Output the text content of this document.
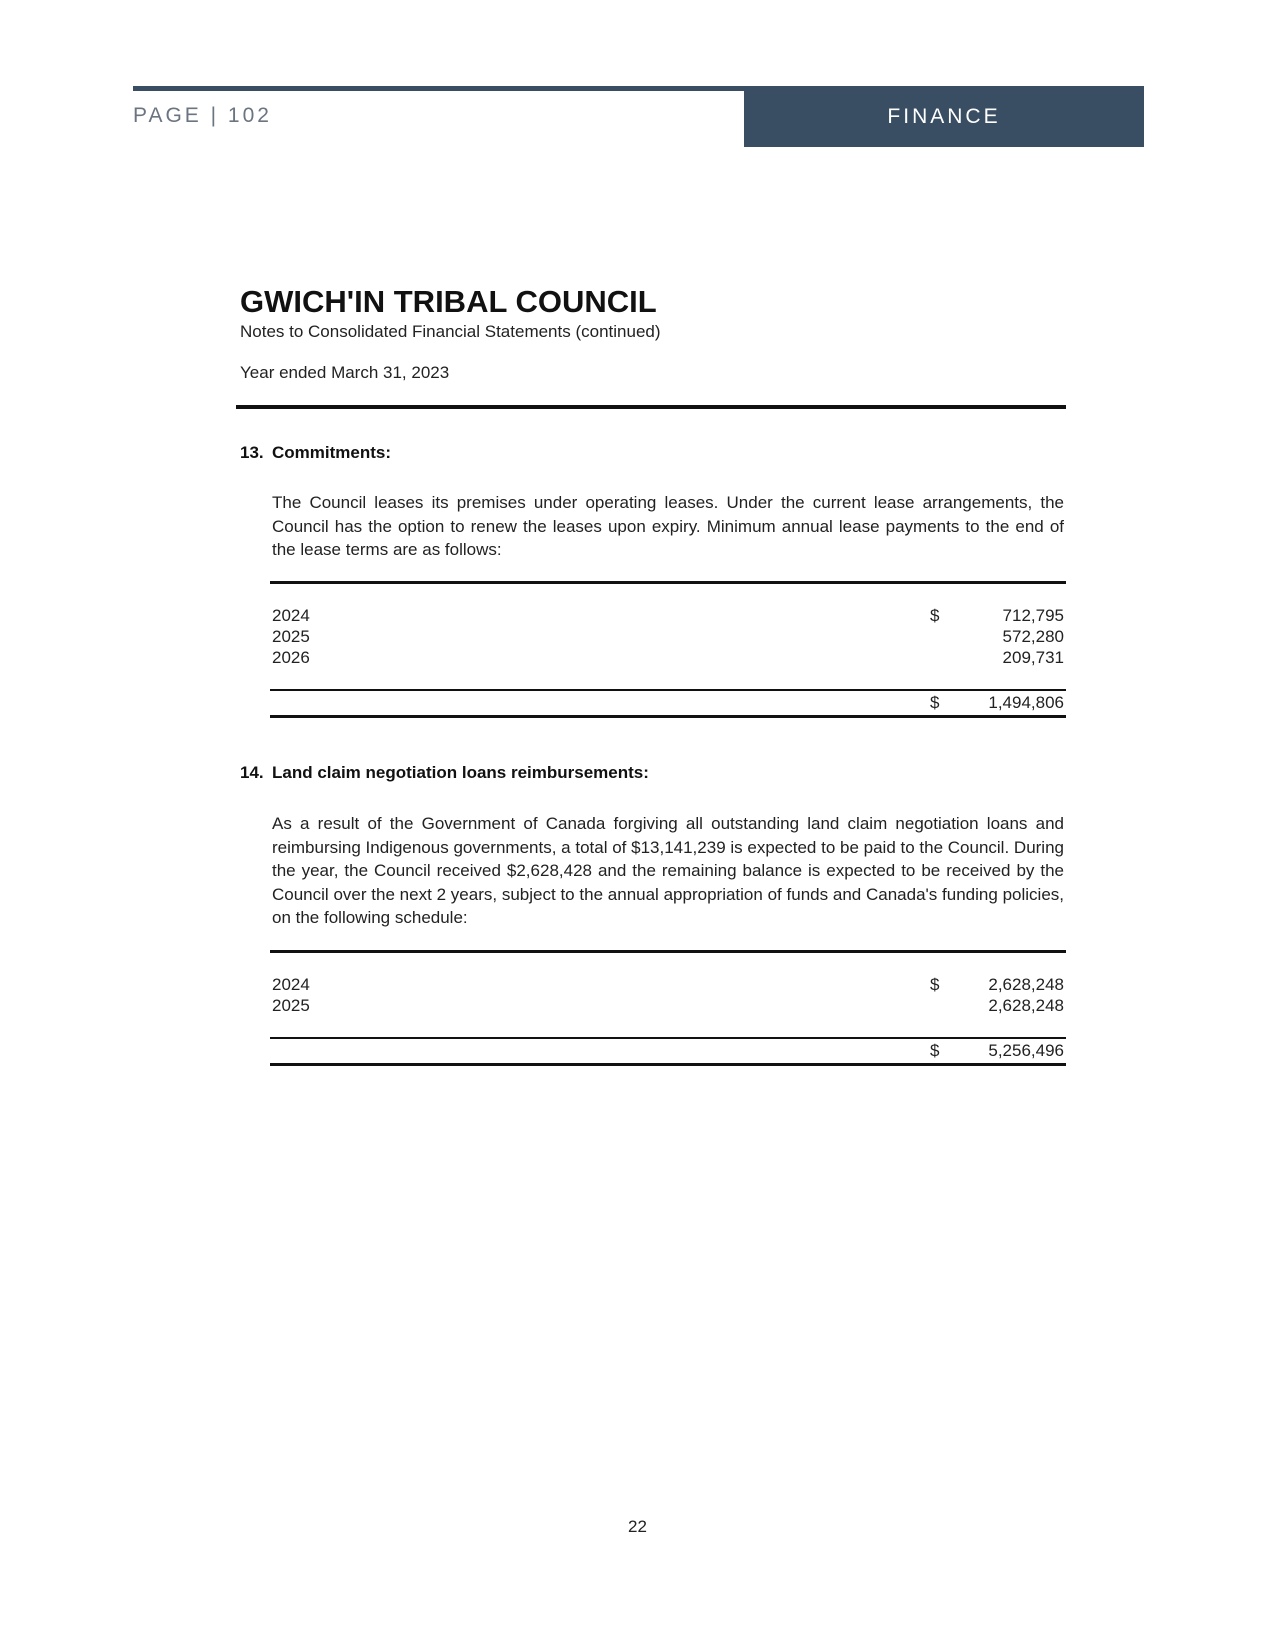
PAGE | 102	FINANCE
GWICH'IN TRIBAL COUNCIL
Notes to Consolidated Financial Statements (continued)
Year ended March 31, 2023
13. Commitments:
The Council leases its premises under operating leases. Under the current lease arrangements, the Council has the option to renew the leases upon expiry. Minimum annual lease payments to the end of the lease terms are as follows:
2024	$	712,795
2025	572,280
2026	209,731
$	1,494,806
14. Land claim negotiation loans reimbursements:
As a result of the Government of Canada forgiving all outstanding land claim negotiation loans and reimbursing Indigenous governments, a total of $13,141,239 is expected to be paid to the Council. During the year, the Council received $2,628,428 and the remaining balance is expected to be received by the Council over the next 2 years, subject to the annual appropriation of funds and Canada's funding policies, on the following schedule:
2024	$	2,628,248
2025	2,628,248
$	5,256,496
22
